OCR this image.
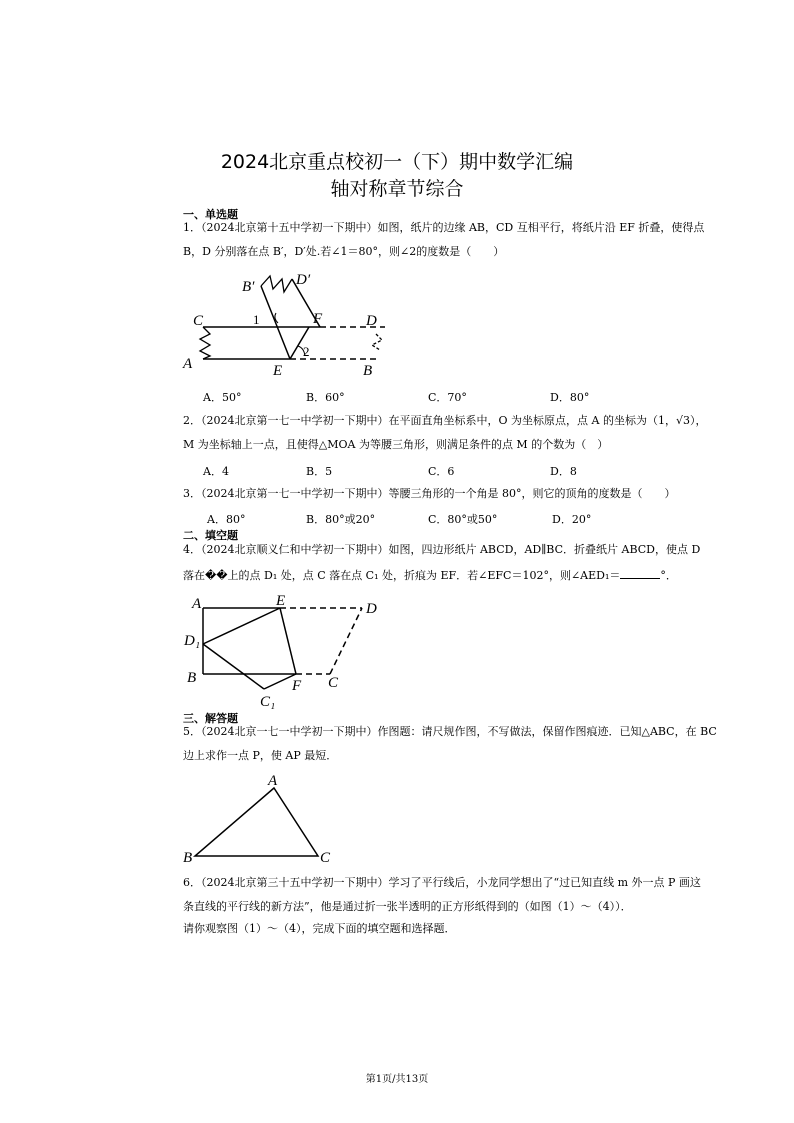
2024北京重点校初一（下）期中数学汇编
轴对称章节综合
一、单选题
1．（2024北京第十五中学初一下期中）如图，纸片的边缘 AB，CD 互相平行，将纸片沿 EF 折叠，使得点
B，D 分别落在点 B′，D′处.若∠1＝80°，则∠2的度数是（　　）
B′	D′
C	1	F	D
A	E
2
B
A．50°	B．60°	C．70°	D．80°
2．（2024北京第一七一中学初一下期中）在平面直角坐标系中，O 为坐标原点，点 A 的坐标为（1，√3），
M 为坐标轴上一点，且使得△MOA 为等腰三角形，则满足条件的点 M 的个数为（　）
A．4	B．5	C．6	D．8
3．（2024北京第一七一中学初一下期中）等腰三角形的一个角是 80°，则它的顶角的度数是（　　）
A．80°	B．80°或20°	C．80°或50°	D．20°
二、填空题
4．（2024北京顺义仁和中学初一下期中）如图，四边形纸片 ABCD，AD∥BC．折叠纸片 ABCD，使点 D
落在��上的点 D₁ 处，点 C 落在点 C₁ 处，折痕为 EF．若∠EFC＝102°，则∠AED₁＝	°．
A	E	D
D₁
B	F C
C₁
三、解答题
5．（2024北京一七一中学初一下期中）作图题：请尺规作图，不写做法，保留作图痕迹．已知△ABC，在 BC
边上求作一点 P，使 AP 最短．
A
B	C
6．（2024北京第三十五中学初一下期中）学习了平行线后，小龙同学想出了“过已知直线 m 外一点 P 画这
条直线的平行线的新方法”，他是通过折一张半透明的正方形纸得到的（如图（1）～（4））．
请你观察图（1）～（4），完成下面的填空题和选择题．
第1页/共13页
